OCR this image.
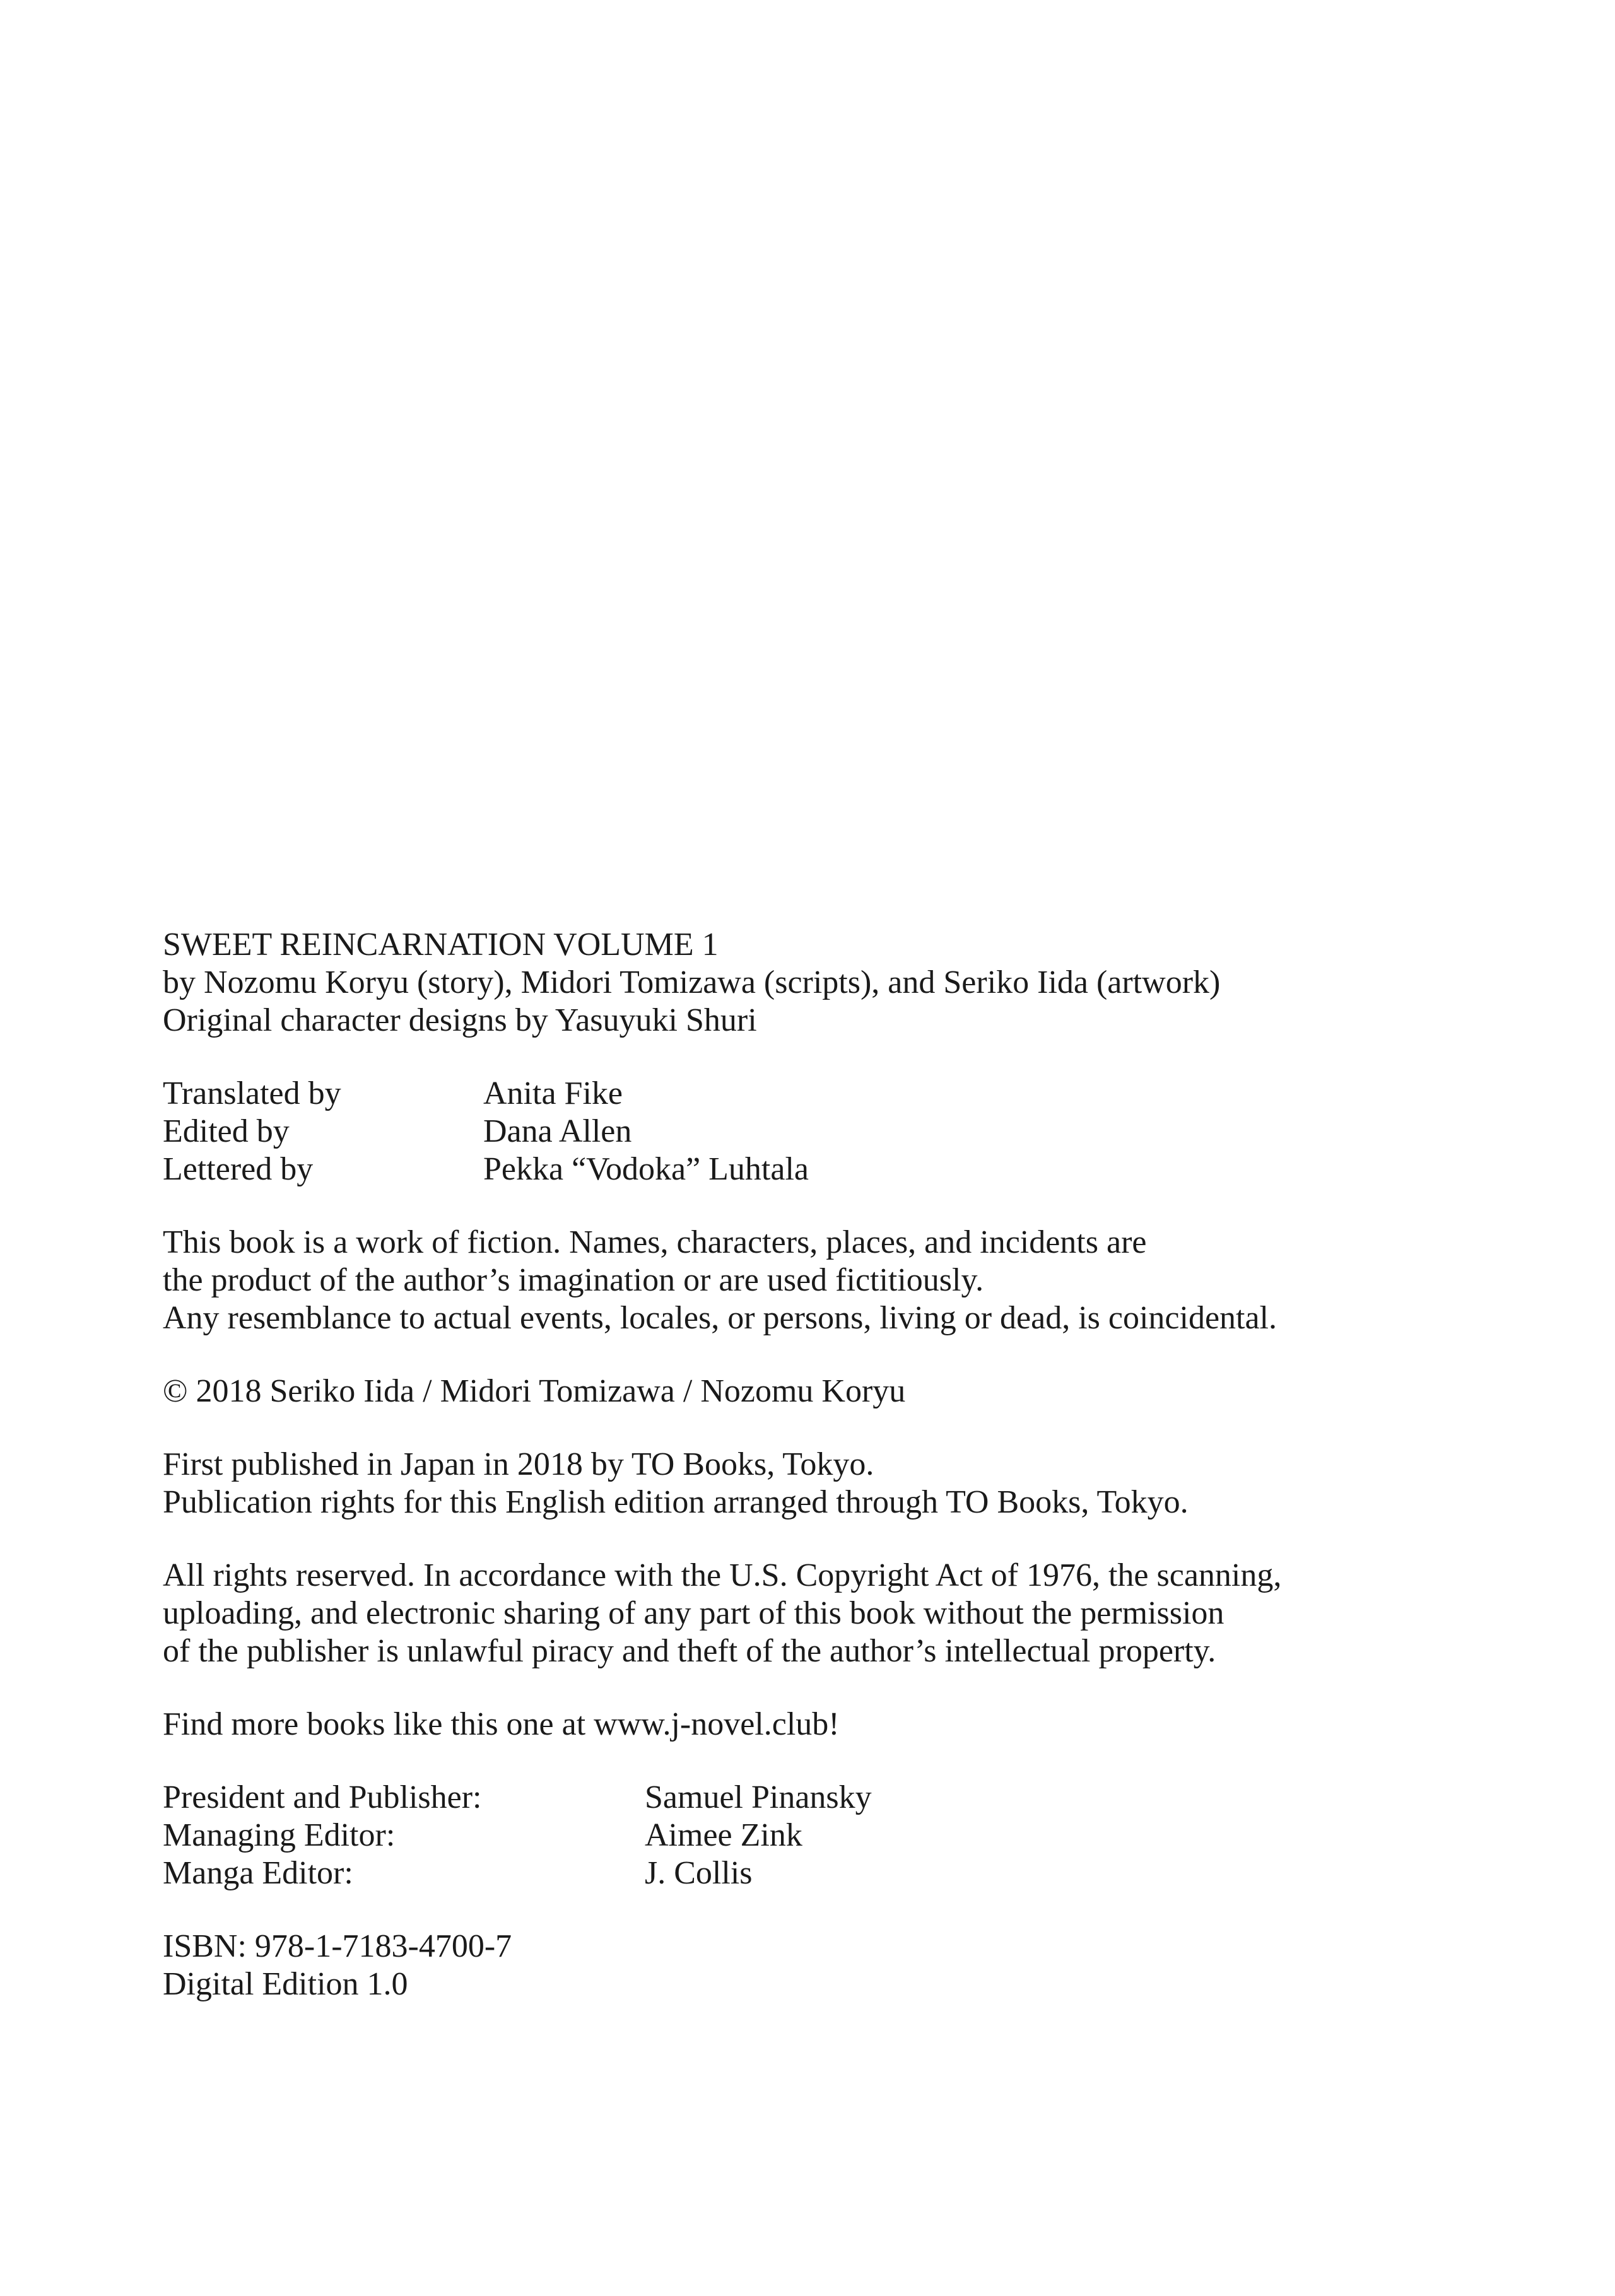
SWEET REINCARNATION VOLUME 1
by Nozomu Koryu (story), Midori Tomizawa (scripts), and Seriko Iida (artwork)
Original character designs by Yasuyuki Shuri
Translated by	Anita Fike
Edited by	Dana Allen
Lettered by	Pekka “Vodoka” Luhtala
This book is a work of fiction. Names, characters, places, and incidents are
the product of the author’s imagination or are used fictitiously.
Any resemblance to actual events, locales, or persons, living or dead, is coincidental.
© 2018 Seriko Iida / Midori Tomizawa / Nozomu Koryu
First published in Japan in 2018 by TO Books, Tokyo.
Publication rights for this English edition arranged through TO Books, Tokyo.
All rights reserved. In accordance with the U.S. Copyright Act of 1976, the scanning,
uploading, and electronic sharing of any part of this book without the permission
of the publisher is unlawful piracy and theft of the author’s intellectual property.
Find more books like this one at www.j-novel.club!
President and Publisher:	Samuel Pinansky
Managing Editor:	Aimee Zink
Manga Editor:	J. Collis
ISBN: 978-1-7183-4700-7
Digital Edition 1.0
